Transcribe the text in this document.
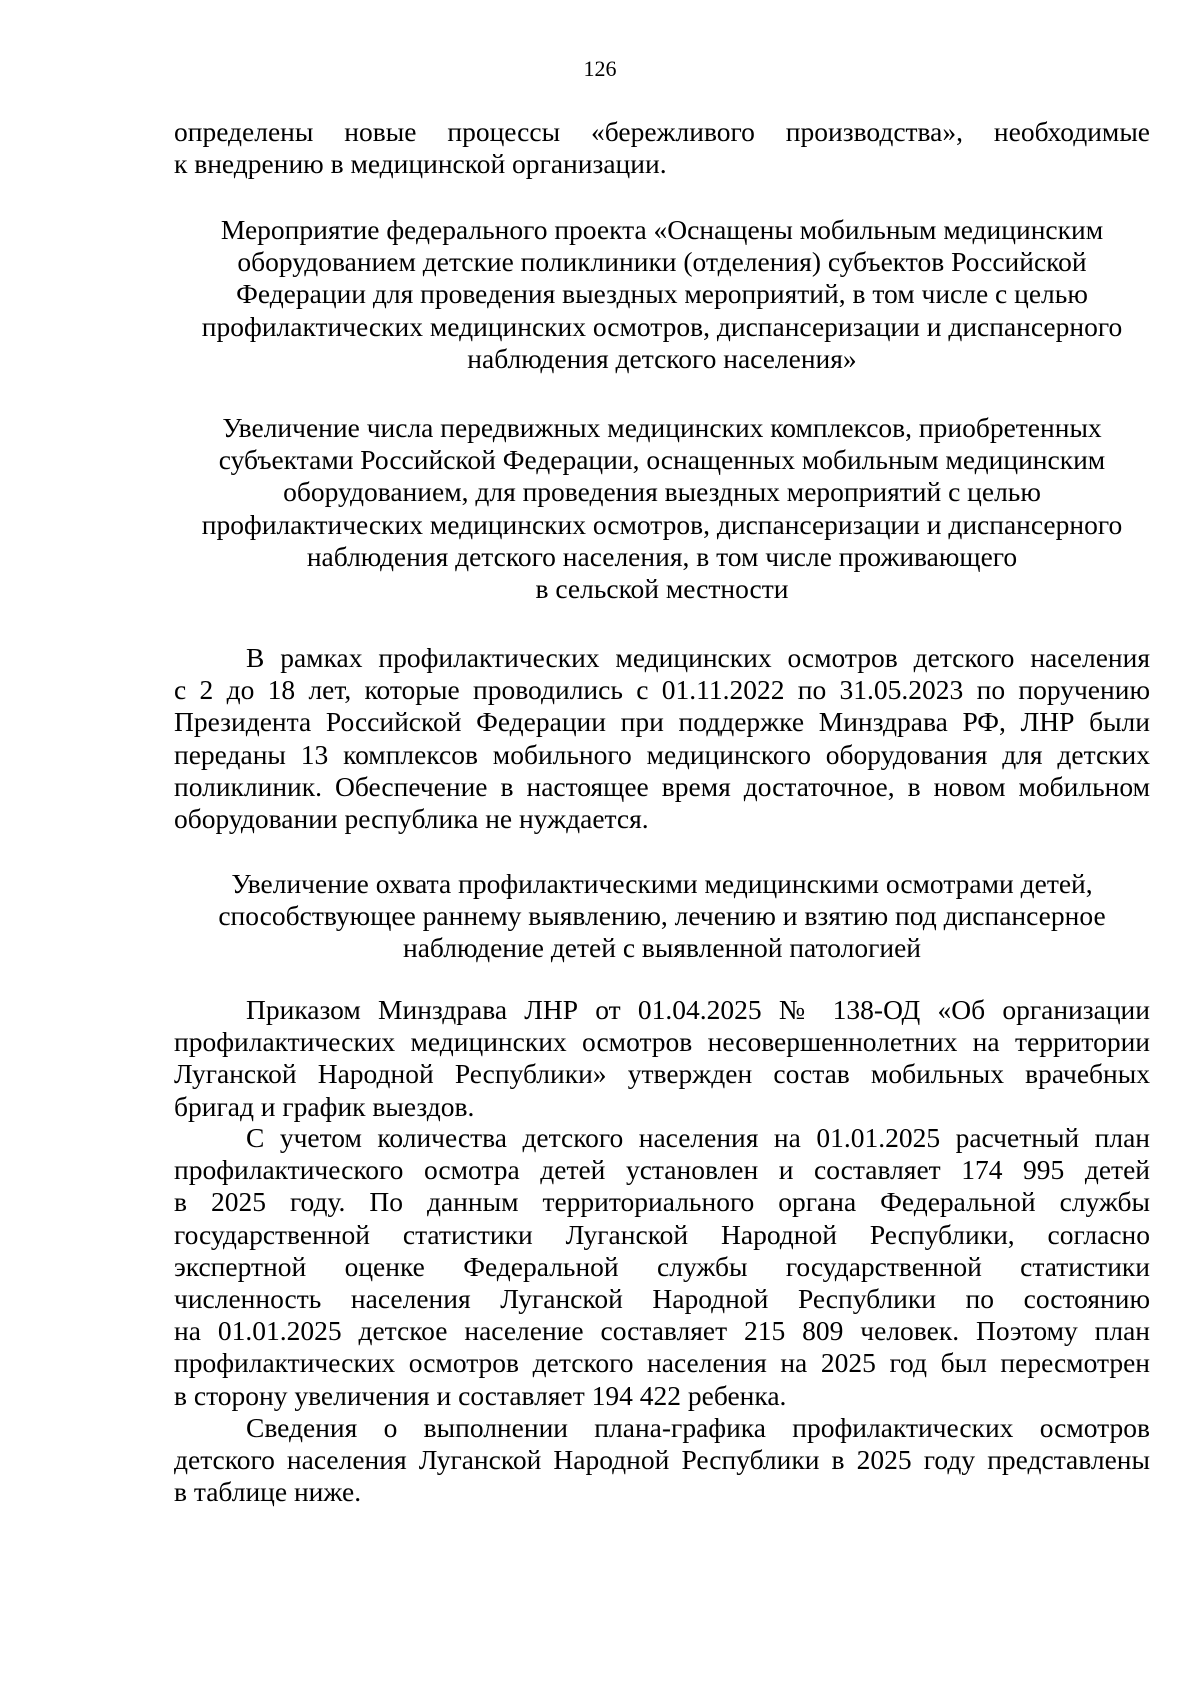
126
определены новые процессы «бережливого производства», необходимые
к внедрению в медицинской организации.
Мероприятие федерального проекта «Оснащены мобильным медицинским
оборудованием детские поликлиники (отделения) субъектов Российской
Федерации для проведения выездных мероприятий, в том числе с целью
профилактических медицинских осмотров, диспансеризации и диспансерного
наблюдения детского населения»
Увеличение числа передвижных медицинских комплексов, приобретенных
субъектами Российской Федерации, оснащенных мобильным медицинским
оборудованием, для проведения выездных мероприятий с целью
профилактических медицинских осмотров, диспансеризации и диспансерного
наблюдения детского населения, в том числе проживающего
в сельской местности
В рамках профилактических медицинских осмотров детского населения
с 2 до 18 лет, которые проводились с 01.11.2022 по 31.05.2023 по поручению
Президента Российской Федерации при поддержке Минздрава РФ, ЛНР были
переданы 13 комплексов мобильного медицинского оборудования для детских
поликлиник. Обеспечение в настоящее время достаточное, в новом мобильном
оборудовании республика не нуждается.
Увеличение охвата профилактическими медицинскими осмотрами детей,
способствующее раннему выявлению, лечению и взятию под диспансерное
наблюдение детей с выявленной патологией
Приказом Минздрава ЛНР от 01.04.2025 № 138-ОД «Об организации
профилактических медицинских осмотров несовершеннолетних на территории
Луганской Народной Республики» утвержден состав мобильных врачебных
бригад и график выездов.
С учетом количества детского населения на 01.01.2025 расчетный план
профилактического осмотра детей установлен и составляет 174 995 детей
в 2025 году. По данным территориального органа Федеральной службы
государственной статистики Луганской Народной Республики, согласно
экспертной оценке Федеральной службы государственной статистики
численность населения Луганской Народной Республики по состоянию
на 01.01.2025 детское население составляет 215 809 человек. Поэтому план
профилактических осмотров детского населения на 2025 год был пересмотрен
в сторону увеличения и составляет 194 422 ребенка.
Сведения о выполнении плана-графика профилактических осмотров
детского населения Луганской Народной Республики в 2025 году представлены
в таблице ниже.
